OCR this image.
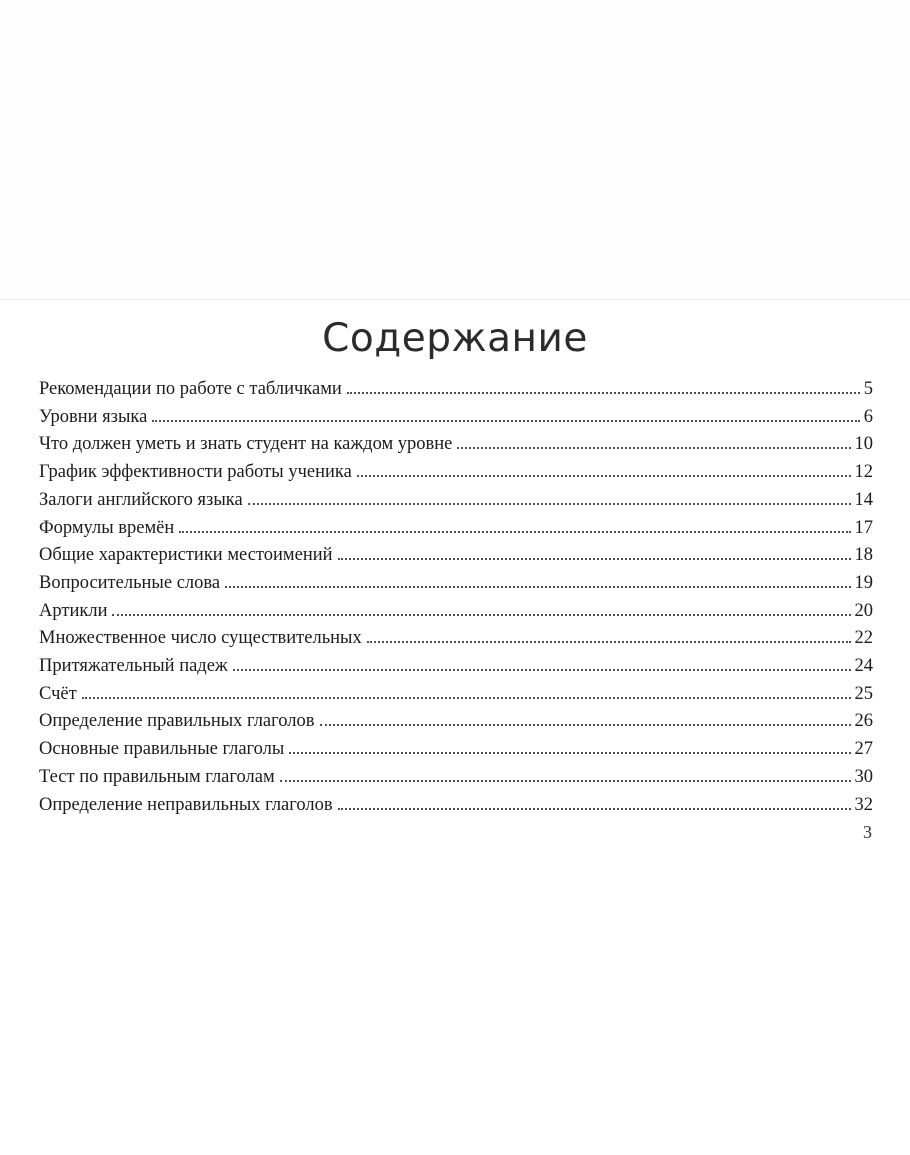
Содержание
Рекомендации по работе с табличками	5
Уровни языка	6
Что должен уметь и знать студент на каждом уровне	10
График эффективности работы ученика	12
Залоги английского языка	14
Формулы времён	17
Общие характеристики местоимений	18
Вопросительные слова	19
Артикли	20
Множественное число существительных	22
Притяжательный падеж	24
Счёт	25
Определение правильных глаголов	26
Основные правильные глаголы	27
Тест по правильным глаголам	30
Определение неправильных глаголов	32
3
